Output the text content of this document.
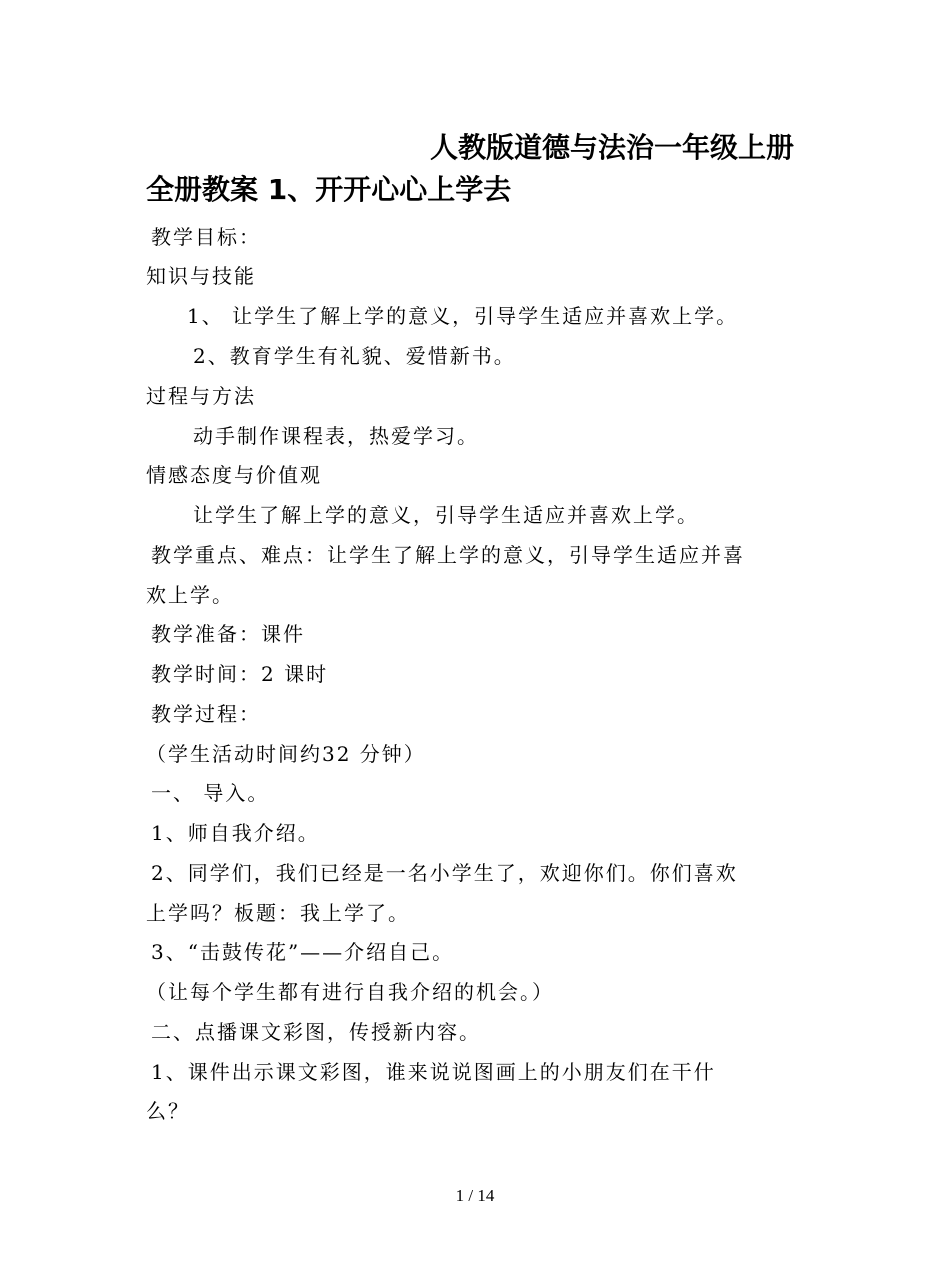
人教版道德与法治一年级上册
全册教案 1、开开心心上学去
教学目标：
知识与技能
1、 让学生了解上学的意义，引导学生适应并喜欢上学。
2、教育学生有礼貌、爱惜新书。
过程与方法
动手制作课程表，热爱学习。
情感态度与价值观
让学生了解上学的意义，引导学生适应并喜欢上学。
教学重点、难点：让学生了解上学的意义，引导学生适应并喜
欢上学。
教学准备：课件
教学时间：2 课时
教学过程：
（学生活动时间约32 分钟）
一、 导入。
1、师自我介绍。
2、同学们，我们已经是一名小学生了，欢迎你们。你们喜欢
上学吗？板题：我上学了。
3、“击鼓传花”——介绍自己。
（让每个学生都有进行自我介绍的机会。）
二、点播课文彩图，传授新内容。
1、课件出示课文彩图，谁来说说图画上的小朋友们在干什
么？
1 / 14
